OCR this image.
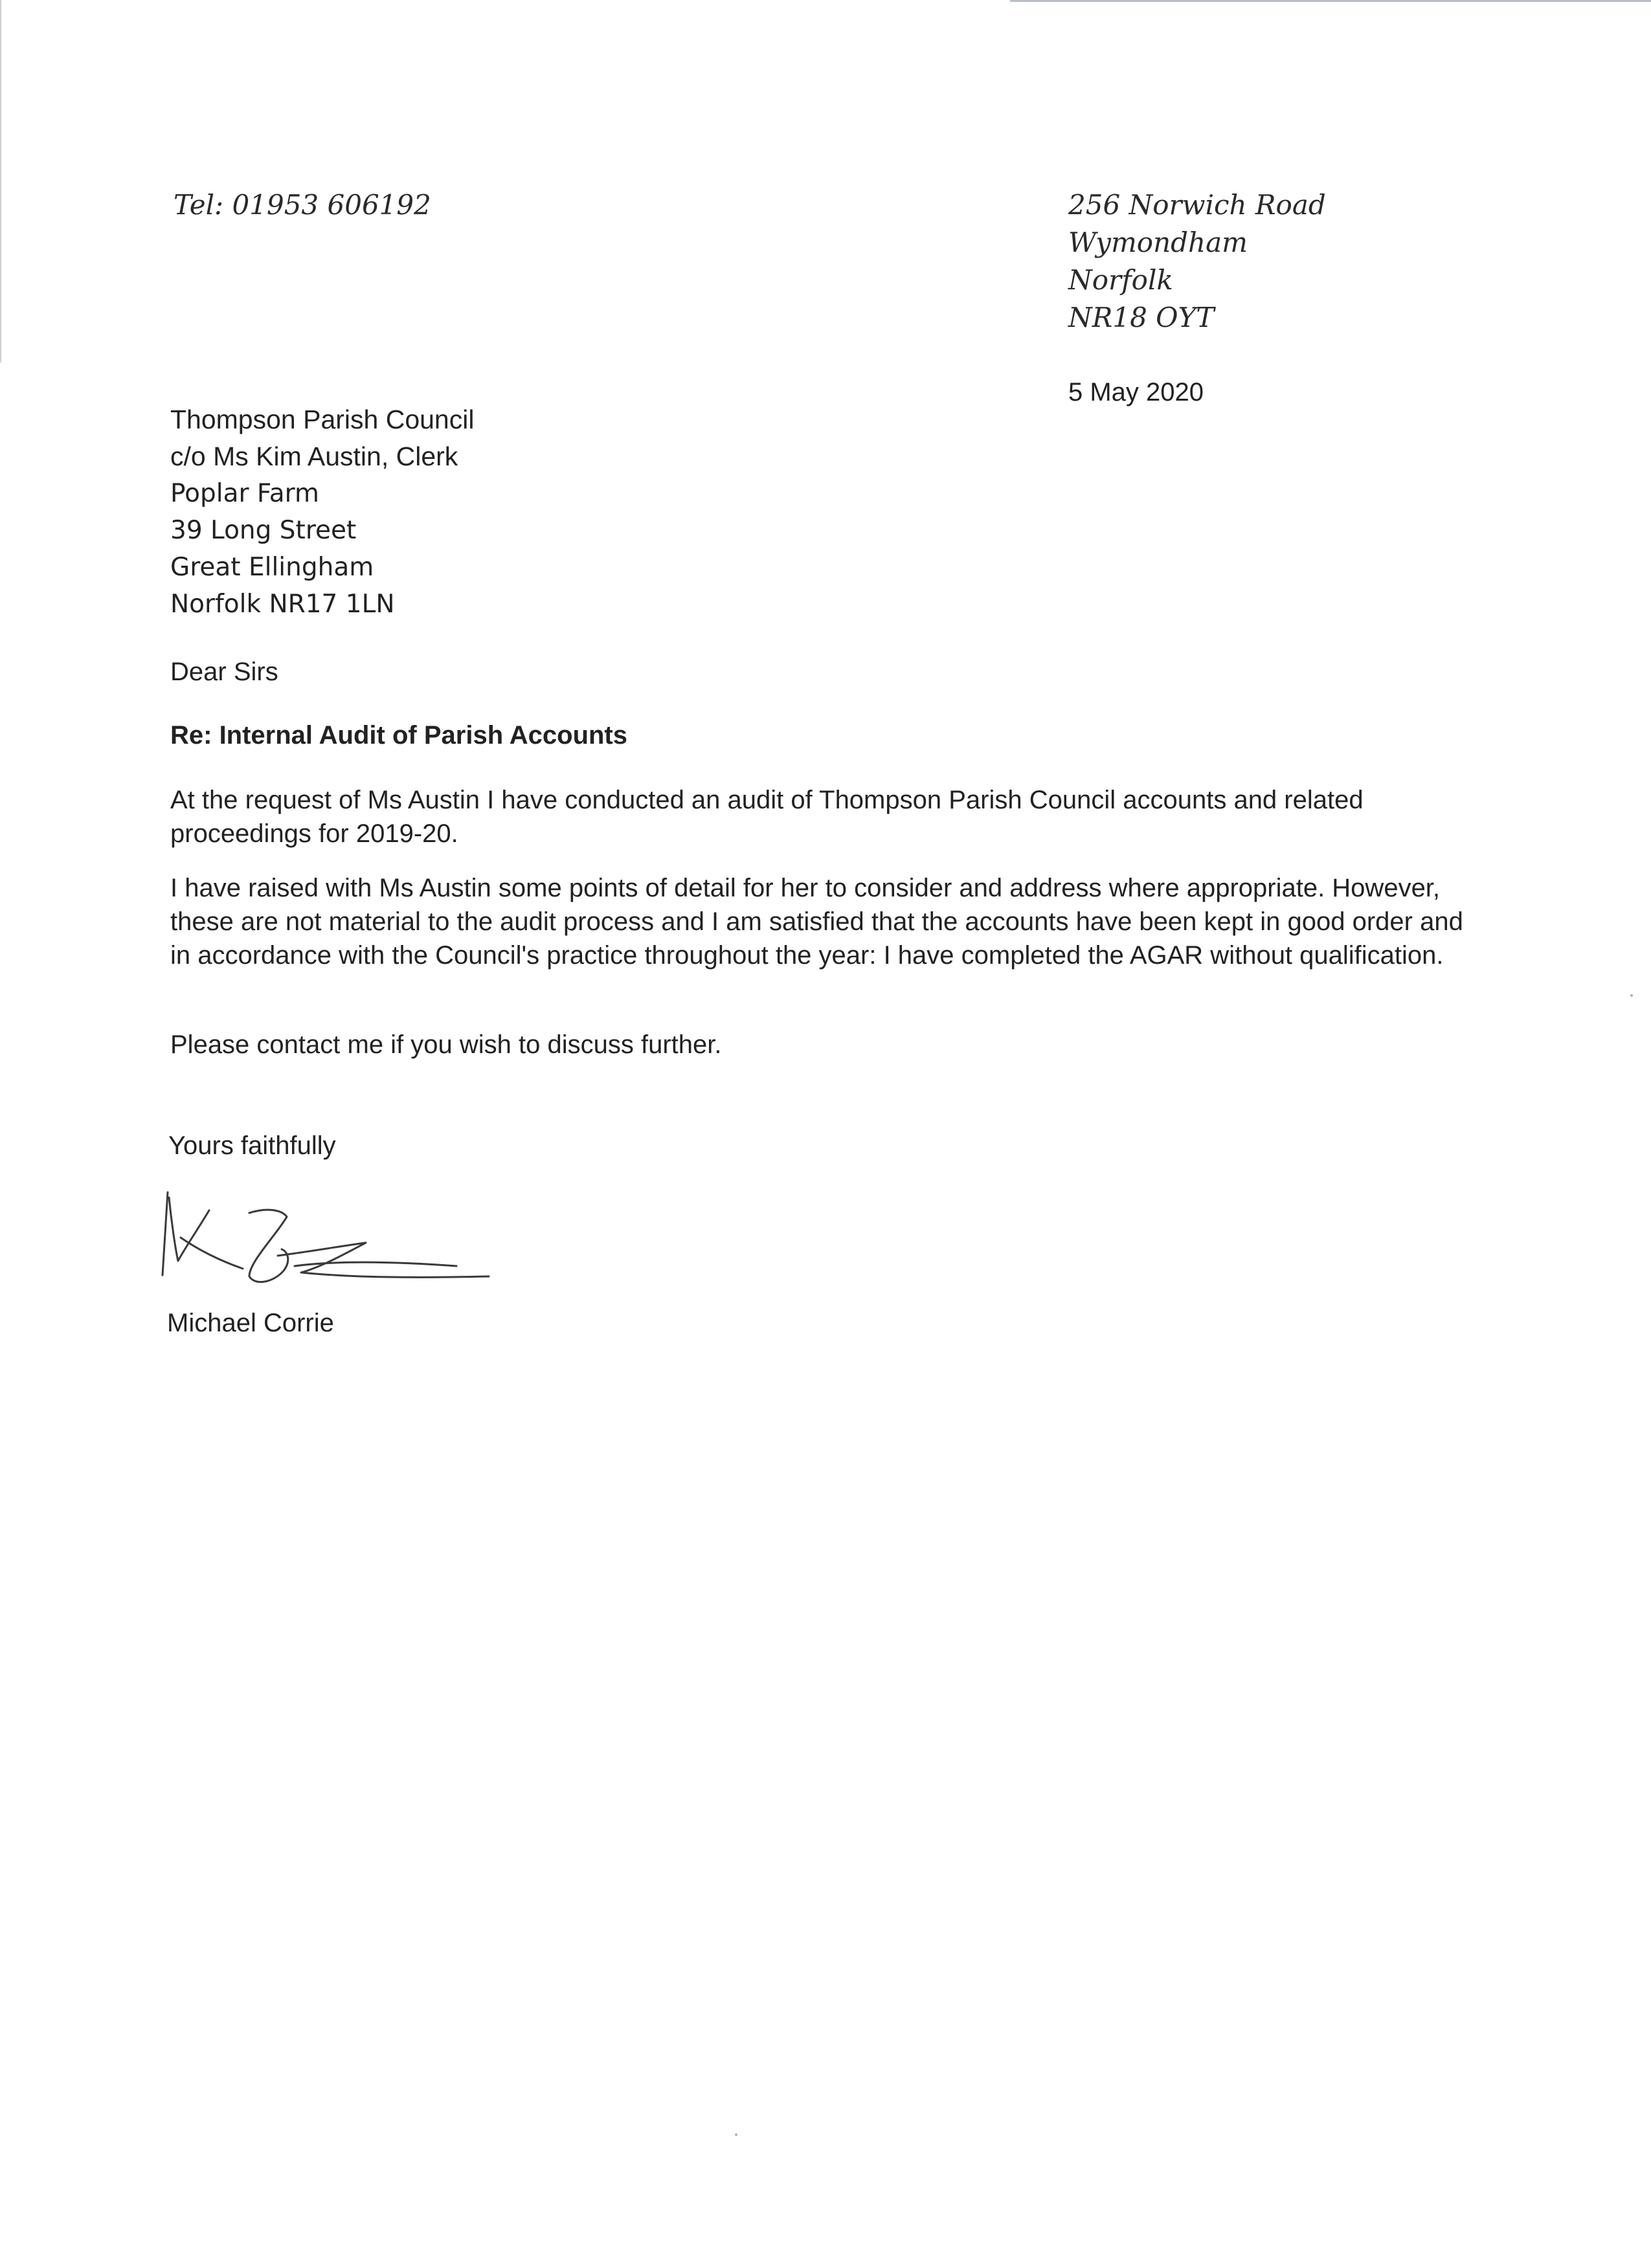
Tel: 01953 606192	256 Norwich Road
Wymondham
Norfolk
NR18 OYT

5 May 2020

Thompson Parish Council
c/o Ms Kim Austin, Clerk
Poplar Farm
39 Long Street
Great Ellingham
Norfolk NR17 1LN

Dear Sirs

Re: Internal Audit of Parish Accounts

At the request of Ms Austin I have conducted an audit of Thompson Parish Council accounts and related proceedings for 2019-20.

I have raised with Ms Austin some points of detail for her to consider and address where appropriate. However, these are not material to the audit process and I am satisfied that the accounts have been kept in good order and in accordance with the Council's practice throughout the year: I have completed the AGAR without qualification.

Please contact me if you wish to discuss further.

Yours faithfully

Michael Corrie
